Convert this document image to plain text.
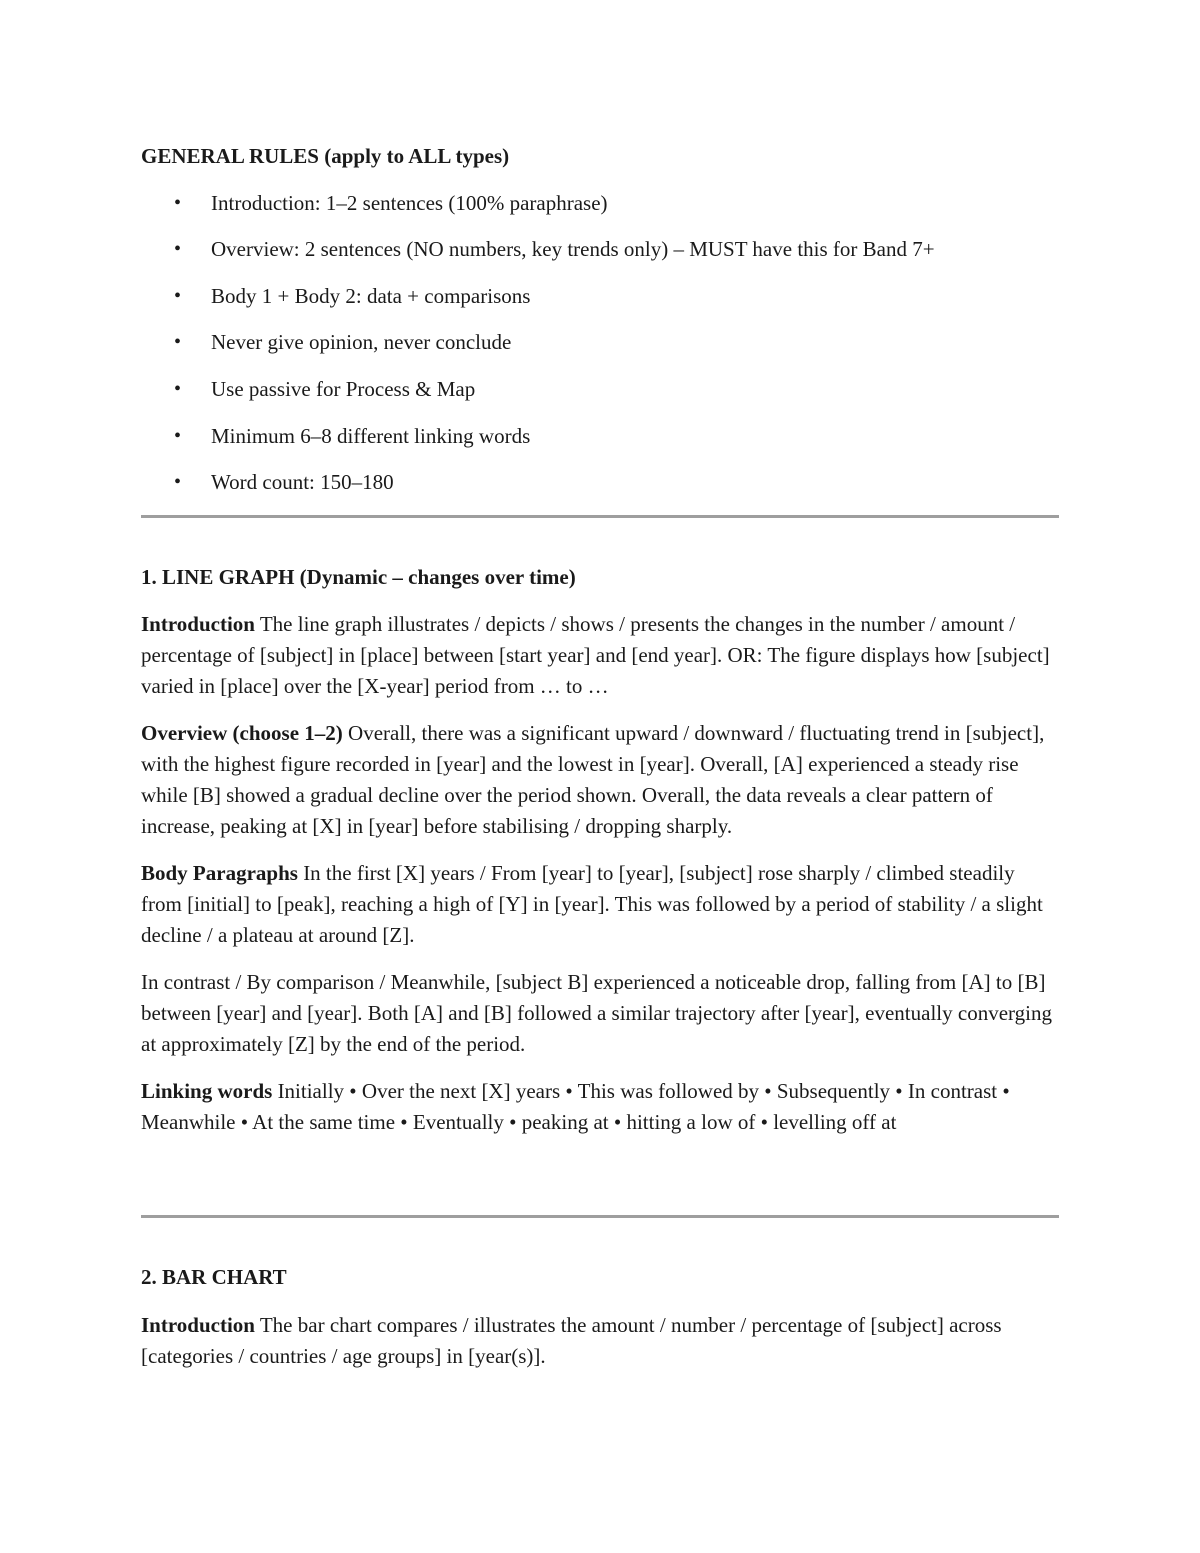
GENERAL RULES (apply to ALL types)

• Introduction: 1–2 sentences (100% paraphrase)
• Overview: 2 sentences (NO numbers, key trends only) – MUST have this for Band 7+
• Body 1 + Body 2: data + comparisons
• Never give opinion, never conclude
• Use passive for Process & Map
• Minimum 6–8 different linking words
• Word count: 150–180

1. LINE GRAPH (Dynamic – changes over time)

Introduction The line graph illustrates / depicts / shows / presents the changes in the number / amount / percentage of [subject] in [place] between [start year] and [end year]. OR: The figure displays how [subject] varied in [place] over the [X-year] period from … to …

Overview (choose 1–2) Overall, there was a significant upward / downward / fluctuating trend in [subject], with the highest figure recorded in [year] and the lowest in [year]. Overall, [A] experienced a steady rise while [B] showed a gradual decline over the period shown. Overall, the data reveals a clear pattern of increase, peaking at [X] in [year] before stabilising / dropping sharply.

Body Paragraphs In the first [X] years / From [year] to [year], [subject] rose sharply / climbed steadily from [initial] to [peak], reaching a high of [Y] in [year]. This was followed by a period of stability / a slight decline / a plateau at around [Z].

In contrast / By comparison / Meanwhile, [subject B] experienced a noticeable drop, falling from [A] to [B] between [year] and [year]. Both [A] and [B] followed a similar trajectory after [year], eventually converging at approximately [Z] by the end of the period.

Linking words Initially • Over the next [X] years • This was followed by • Subsequently • In contrast • Meanwhile • At the same time • Eventually • peaking at • hitting a low of • levelling off at

2. BAR CHART

Introduction The bar chart compares / illustrates the amount / number / percentage of [subject] across [categories / countries / age groups] in [year(s)].
